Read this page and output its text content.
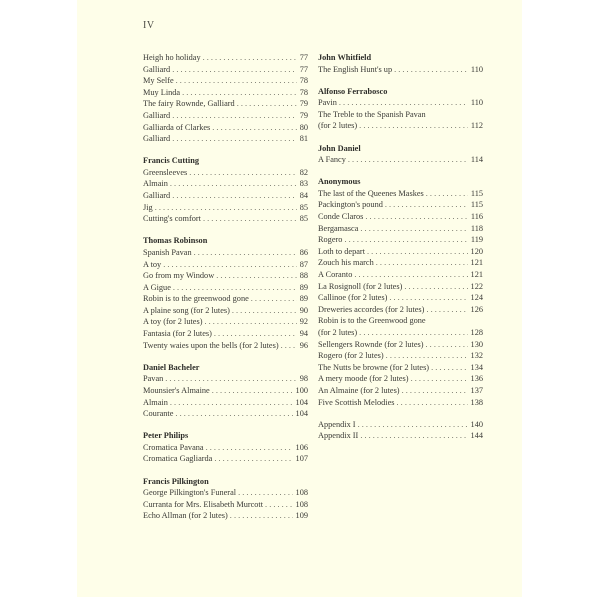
IV
Heigh ho holiday . . .	77
Galliard . . .	77
My Selfe . . .	78
Muy Linda . . .	78
The fairy Rownde, Galliard . . .	79
Galliard . . .	79
Galliarda of Clarkes . . .	80
Galliard . . .	81
Francis Cutting
Greensleeves . . .	82
Almain . . .	83
Galliard . . .	84
Jig . . .	85
Cutting's comfort . . .	85
Thomas Robinson
Spanish Pavan . . .	86
A toy . . .	87
Go from my Window . . .	88
A Gigue . . .	89
Robin is to the greenwood gone . . .	89
A plaine song (for 2 lutes) . . .	90
A toy (for 2 lutes) . . .	92
Fantasia (for 2 lutes) . . .	94
Twenty waies upon the bells (for 2 lutes) . . .	96
Daniel Bacheler
Pavan . . .	98
Mounsier's Almaine . . .	100
Almain . . .	104
Courante . . .	104
Peter Philips
Cromatica Pavana . . .	106
Cromatica Gagliarda . . .	107
Francis Pilkington
George Pilkington's Funeral . . .	108
Curranta for Mrs. Elisabeth Murcott . . .	108
Echo Allman (for 2 lutes) . . .	109
John Whitfield
The English Hunt's up . . .	110
Alfonso Ferrabosco
Pavin . . .	110
The Treble to the Spanish Pavan
(for 2 lutes) . . .	112
John Daniel
A Fancy . . .	114
Anonymous
The last of the Queenes Maskes . . .	115
Packington's pound . . .	115
Conde Claros . . .	116
Bergamasca . . .	118
Rogero . . .	119
Loth to depart . . .	120
Zouch his march . . .	121
A Coranto . . .	121
La Rosignoll (for 2 lutes) . . .	122
Callinoe (for 2 lutes) . . .	124
Dreweries accordes (for 2 lutes) . . .	126
Robin is to the Greenwood gone
(for 2 lutes) . . .	128
Sellengers Rownde (for 2 lutes) . . .	130
Rogero (for 2 lutes) . . .	132
The Nutts be browne (for 2 lutes) . . .	134
A mery moode (for 2 lutes) . . .	136
An Almaine (for 2 lutes) . . .	137
Five Scottish Melodies . . .	138
Appendix I . . .	140
Appendix II . . .	144
